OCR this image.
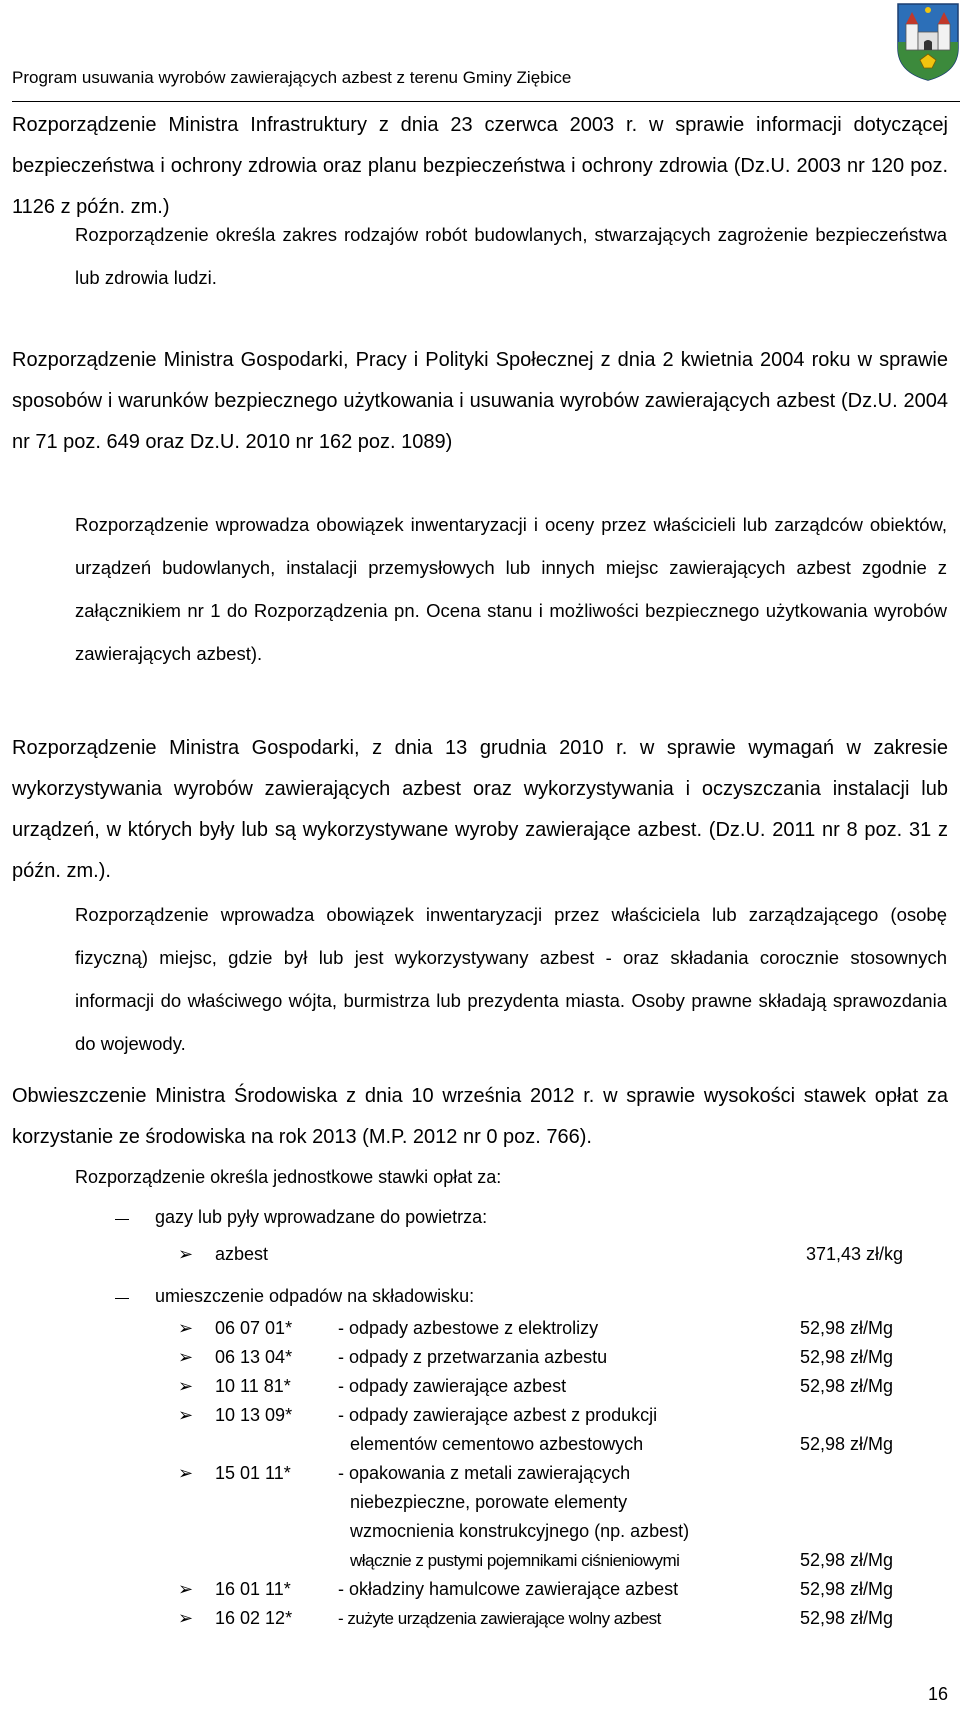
Program usuwania wyrobów zawierających azbest z terenu Gminy Ziębice

Rozporządzenie Ministra Infrastruktury z dnia 23 czerwca 2003 r. w sprawie informacji dotyczącej bezpieczeństwa i ochrony zdrowia oraz planu bezpieczeństwa i ochrony zdrowia (Dz.U. 2003 nr 120 poz. 1126 z późn. zm.)

Rozporządzenie określa zakres rodzajów robót budowlanych, stwarzających zagrożenie bezpieczeństwa lub zdrowia ludzi.

Rozporządzenie Ministra Gospodarki, Pracy i Polityki Społecznej z dnia 2 kwietnia 2004 roku w sprawie sposobów i warunków bezpiecznego użytkowania i usuwania wyrobów zawierających azbest (Dz.U. 2004 nr 71 poz. 649 oraz Dz.U. 2010 nr 162 poz. 1089)

Rozporządzenie wprowadza obowiązek inwentaryzacji i oceny przez właścicieli lub zarządców obiektów, urządzeń budowlanych, instalacji przemysłowych lub innych miejsc zawierających azbest zgodnie z załącznikiem nr 1 do Rozporządzenia pn. Ocena stanu i możliwości bezpiecznego użytkowania wyrobów zawierających azbest).

Rozporządzenie Ministra Gospodarki, z dnia 13 grudnia 2010 r. w sprawie wymagań w zakresie wykorzystywania wyrobów zawierających azbest oraz wykorzystywania i oczyszczania instalacji lub urządzeń, w których były lub są wykorzystywane wyroby zawierające azbest. (Dz.U. 2011 nr 8 poz. 31 z późn. zm.).

Rozporządzenie wprowadza obowiązek inwentaryzacji przez właściciela lub zarządzającego (osobę fizyczną) miejsc, gdzie był lub jest wykorzystywany azbest - oraz składania corocznie stosownych informacji do właściwego wójta, burmistrza lub prezydenta miasta. Osoby prawne składają sprawozdania do wojewody.

Obwieszczenie Ministra Środowiska z dnia 10 września 2012 r. w sprawie wysokości stawek opłat za korzystanie ze środowiska na rok 2013 (M.P. 2012 nr 0 poz. 766).

Rozporządzenie określa jednostkowe stawki opłat za:

gazy lub pyły wprowadzane do powietrza:
➢ azbest	371,43 zł/kg
umieszczenie odpadów na składowisku:
➢ 06 07 01*	- odpady azbestowe z elektrolizy	52,98 zł/Mg
➢ 06 13 04*	- odpady z przetwarzania azbestu	52,98 zł/Mg
➢ 10 11 81*	- odpady zawierające azbest	52,98 zł/Mg
➢ 10 13 09*	- odpady zawierające azbest z produkcji
elementów cementowo azbestowych	52,98 zł/Mg
➢ 15 01 11*	- opakowania z metali zawierających
niebezpieczne, porowate elementy
wzmocnienia konstrukcyjnego (np. azbest)
włącznie z pustymi pojemnikami ciśnieniowymi	52,98 zł/Mg
➢ 16 01 11*	- okładziny hamulcowe zawierające azbest	52,98 zł/Mg
➢ 16 02 12*	- zużyte urządzenia zawierające wolny azbest	52,98 zł/Mg
16
